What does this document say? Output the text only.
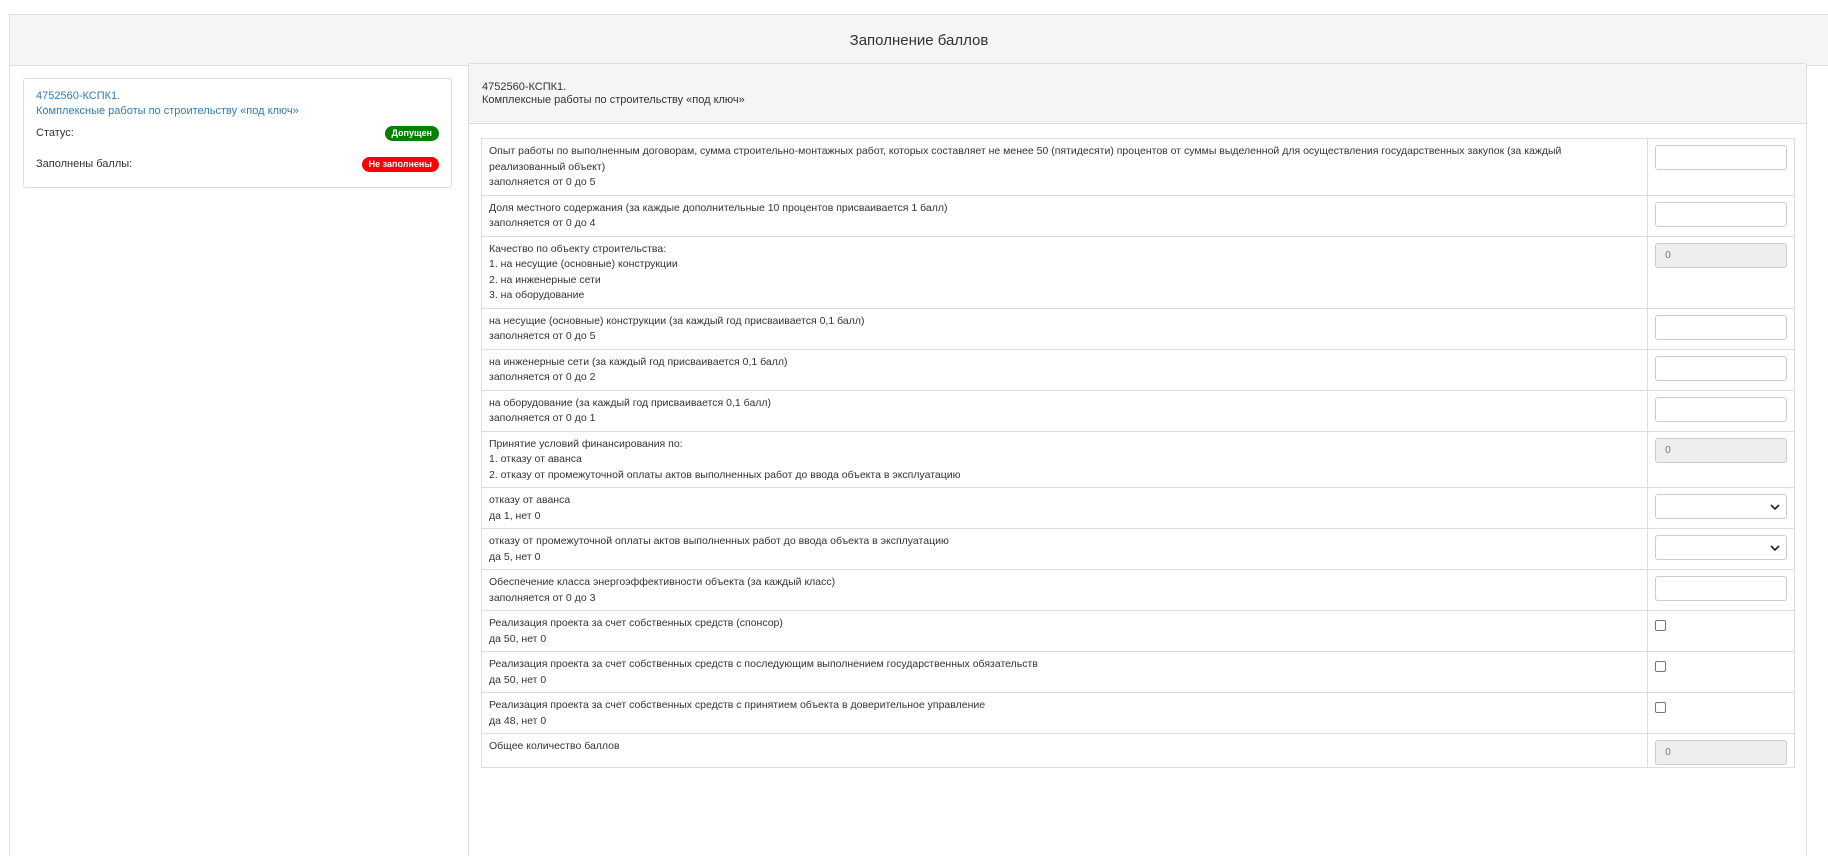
Заполнение баллов
4752560-КСПК1.
Комплексные работы по строительству «под ключ»
Статус:	Допущен
Заполнены баллы:	Не заполнены
4752560-КСПК1.
Комплексные работы по строительству «под ключ»
Опыт работы по выполненным договорам, сумма строительно-монтажных работ, которых составляет не менее 50 (пятидесяти) процентов от суммы выделенной для осуществления государственных закупок (за каждый реализованный объект)
заполняется от 0 до 5	

Доля местного содержания (за каждые дополнительные 10 процентов присваивается 1 балл)
заполняется от 0 до 4	

Качество по объекту строительства:
1. на несущие (основные) конструкции
2. на инженерные сети
3. на оборудование	0

на несущие (основные) конструкции (за каждый год присваивается 0,1 балл)
заполняется от 0 до 5	

на инженерные сети (за каждый год присваивается 0,1 балл)
заполняется от 0 до 2	

на оборудование (за каждый год присваивается 0,1 балл)
заполняется от 0 до 1	

Принятие условий финансирования по:
1. отказу от аванса
2. отказу от промежуточной оплаты актов выполненных работ до ввода объекта в эксплуатацию	0

отказу от аванса
да 1, нет 0

отказу от промежуточной оплаты актов выполненных работ до ввода объекта в эксплуатацию
да 5, нет 0

Обеспечение класса энергоэффективности объекта (за каждый класс)
заполняется от 0 до 3	

Реализация проекта за счет собственных средств (спонсор)
да 50, нет 0	

Реализация проекта за счет собственных средств с последующим выполнением государственных обязательств
да 50, нет 0	

Реализация проекта за счет собственных средств с принятием объекта в доверительное управление
да 48, нет 0	

Общее количество баллов	0
